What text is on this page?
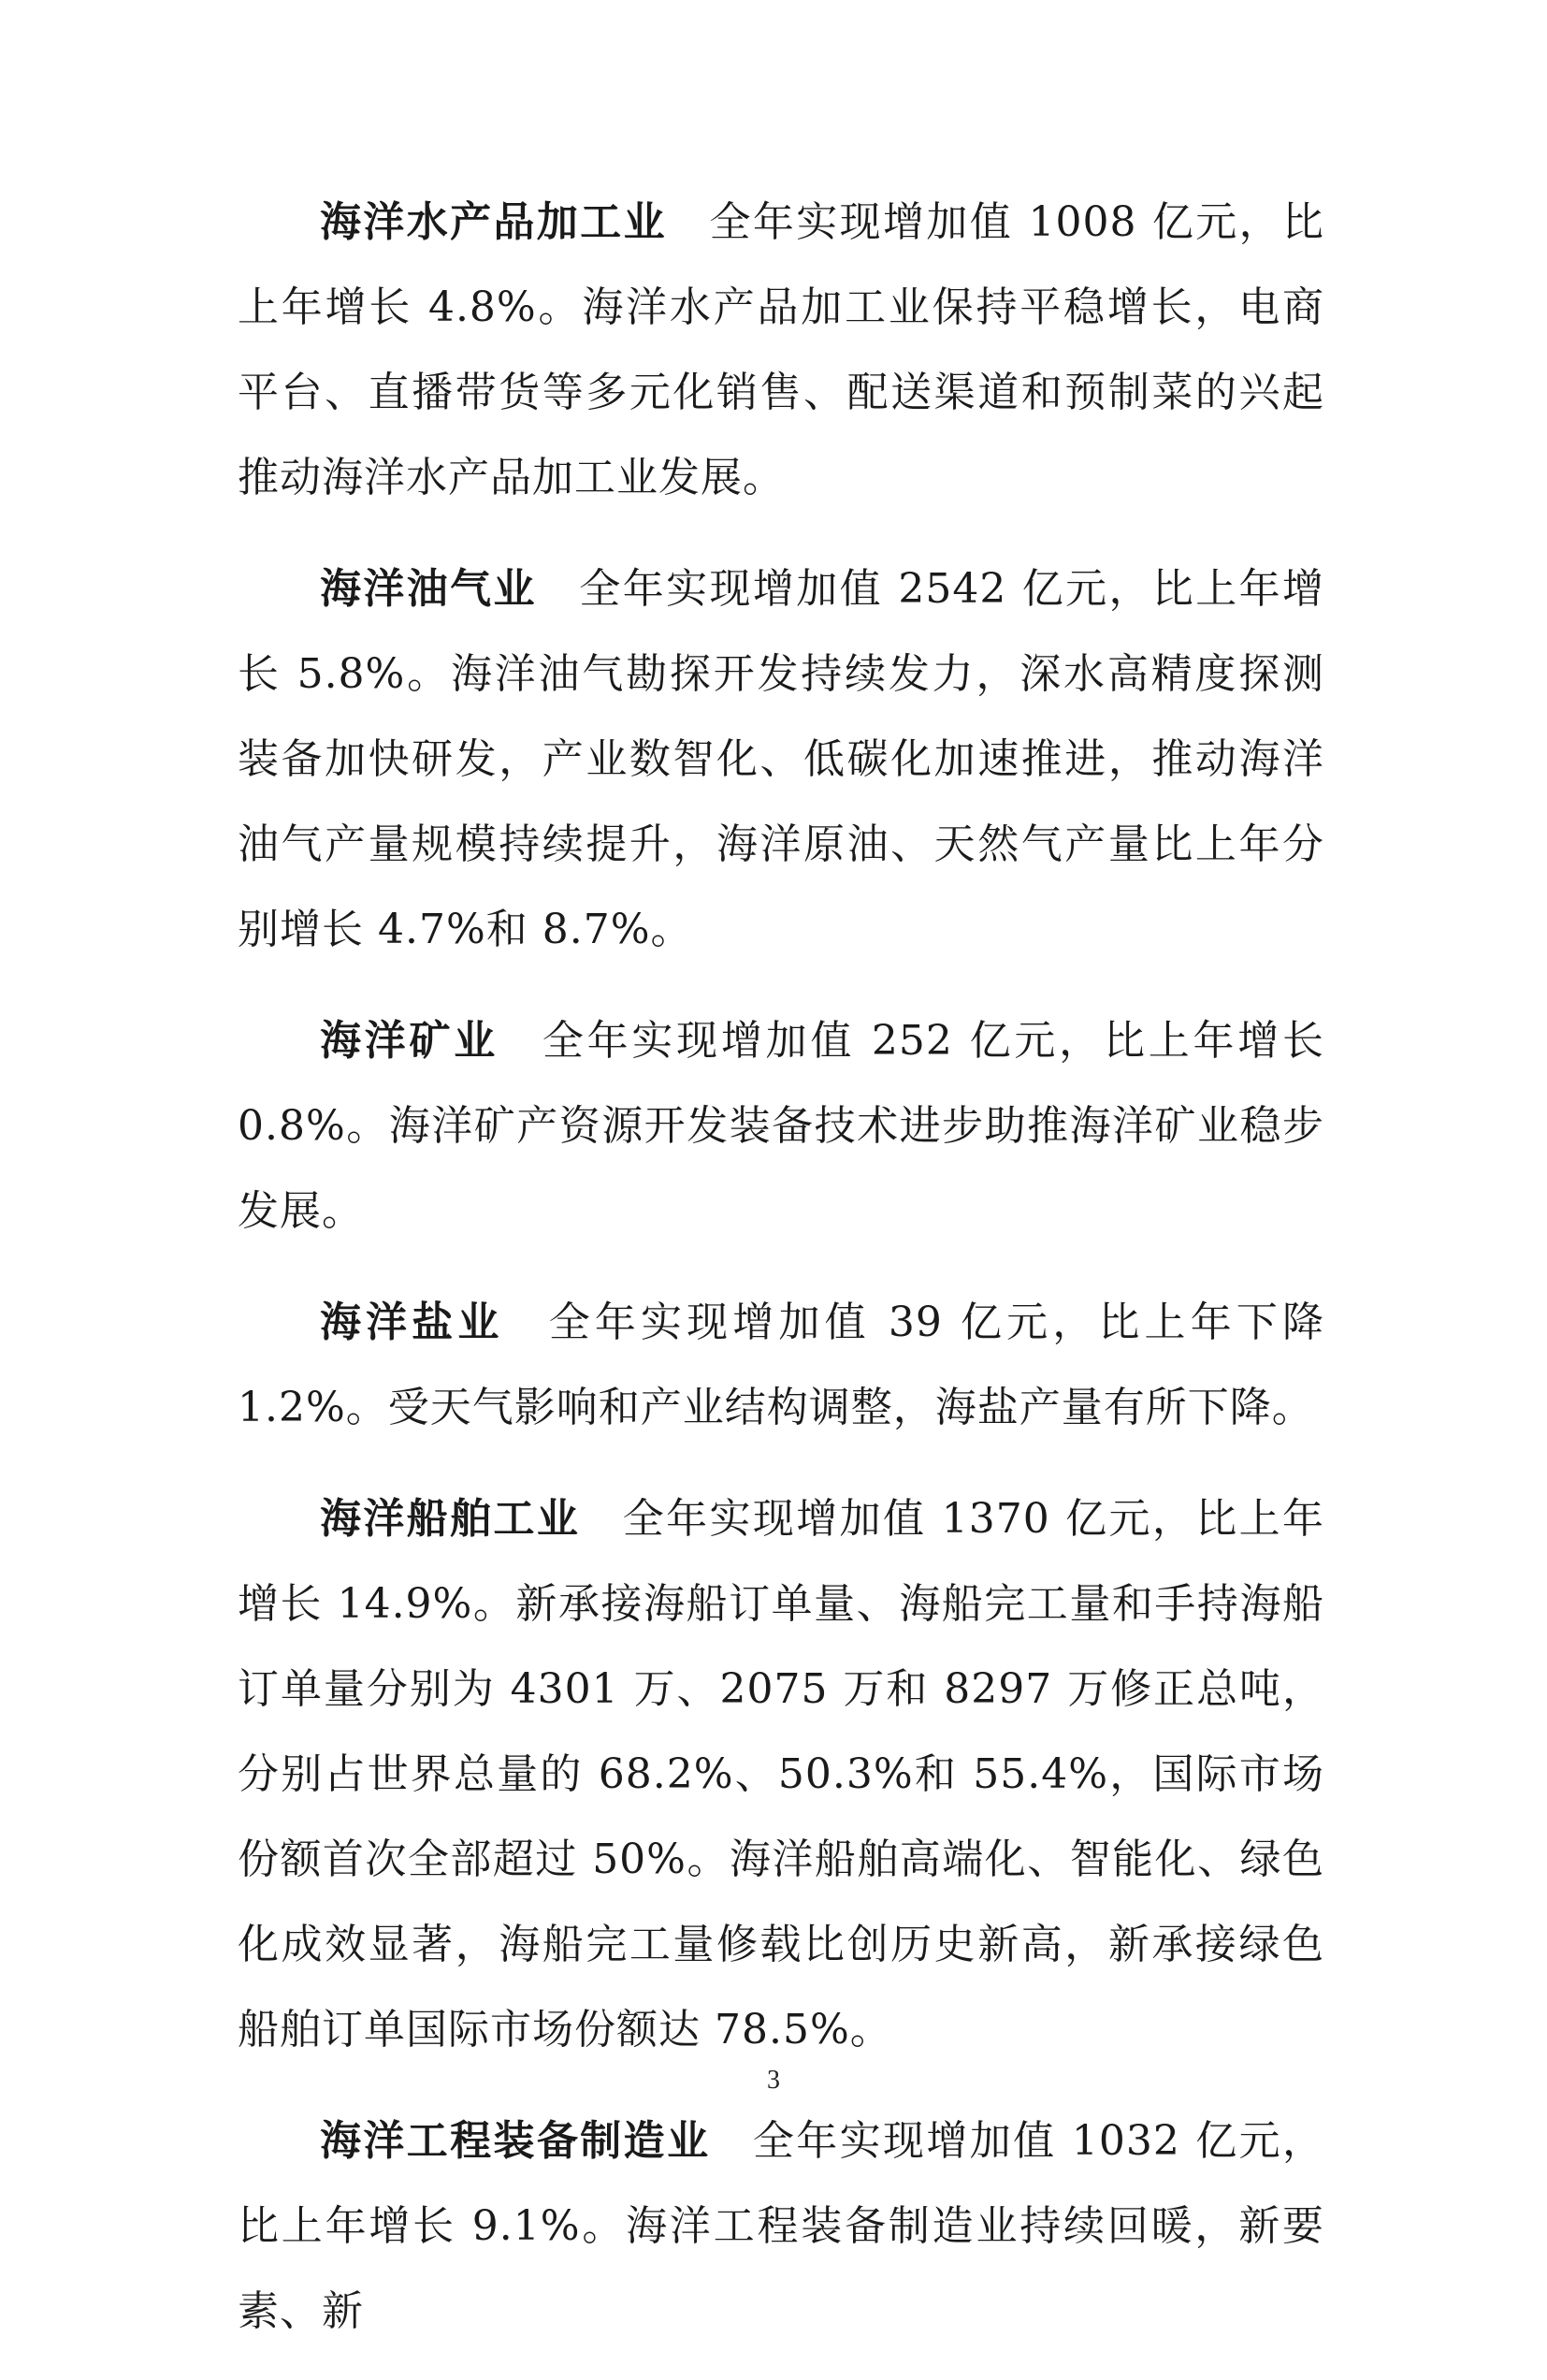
海洋水产品加工业 全年实现增加值 1008 亿元，比上年增长 4.8%。海洋水产品加工业保持平稳增长，电商平台、直播带货等多元化销售、配送渠道和预制菜的兴起推动海洋水产品加工业发展。

海洋油气业 全年实现增加值 2542 亿元，比上年增长 5.8%。海洋油气勘探开发持续发力，深水高精度探测装备加快研发，产业数智化、低碳化加速推进，推动海洋油气产量规模持续提升，海洋原油、天然气产量比上年分别增长 4.7%和 8.7%。

海洋矿业 全年实现增加值 252 亿元，比上年增长 0.8%。海洋矿产资源开发装备技术进步助推海洋矿业稳步发展。

海洋盐业 全年实现增加值 39 亿元，比上年下降 1.2%。受天气影响和产业结构调整，海盐产量有所下降。

海洋船舶工业 全年实现增加值 1370 亿元，比上年增长 14.9%。新承接海船订单量、海船完工量和手持海船订单量分别为 4301 万、2075 万和 8297 万修正总吨，分别占世界总量的 68.2%、50.3%和 55.4%，国际市场份额首次全部超过 50%。海洋船舶高端化、智能化、绿色化成效显著，海船完工量修载比创历史新高，新承接绿色船舶订单国际市场份额达 78.5%。

海洋工程装备制造业 全年实现增加值 1032 亿元，比上年增长 9.1%。海洋工程装备制造业持续回暖，新要素、新

3
